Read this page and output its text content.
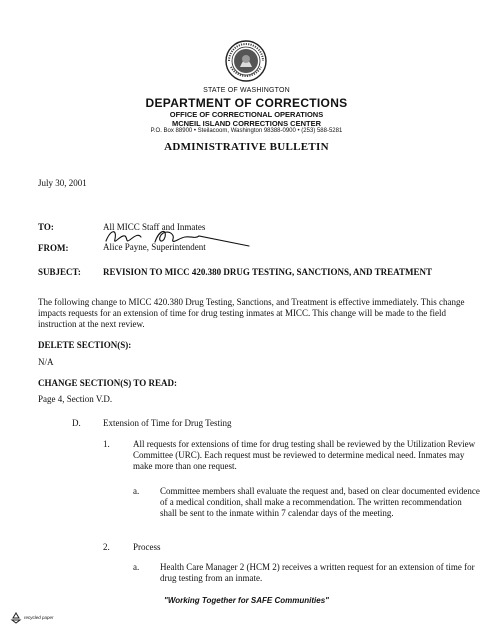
STATE OF WASHINGTON
DEPARTMENT OF CORRECTIONS
OFFICE OF CORRECTIONAL OPERATIONS
MCNEIL ISLAND CORRECTIONS CENTER
P.O. Box 88900 • Steilacoom, Washington 98388-0900 • (253) 588-5281
ADMINISTRATIVE BULLETIN
July 30, 2001
TO:	All MICC Staff and Inmates
FROM:	Alice Payne, Superintendent
SUBJECT: REVISION TO MICC 420.380 DRUG TESTING, SANCTIONS, AND TREATMENT
The following change to MICC 420.380 Drug Testing, Sanctions, and Treatment is effective immediately. This change impacts requests for an extension of time for drug testing inmates at MICC. This change will be made to the field instruction at the next review.
DELETE SECTION(S):
N/A
CHANGE SECTION(S) TO READ:
Page 4, Section V.D.
D. Extension of Time for Drug Testing
1.	All requests for extensions of time for drug testing shall be reviewed by the Utilization Review Committee (URC). Each request must be reviewed to determine medical need. Inmates may make more than one request.
a. Committee members shall evaluate the request and, based on clear documented evidence of a medical condition, shall make a recommendation. The written recommendation shall be sent to the inmate within 7 calendar days of the meeting.
2.	Process
a. Health Care Manager 2 (HCM 2) receives a written request for an extension of time for drug testing from an inmate.
"Working Together for SAFE Communities"
recycled paper
